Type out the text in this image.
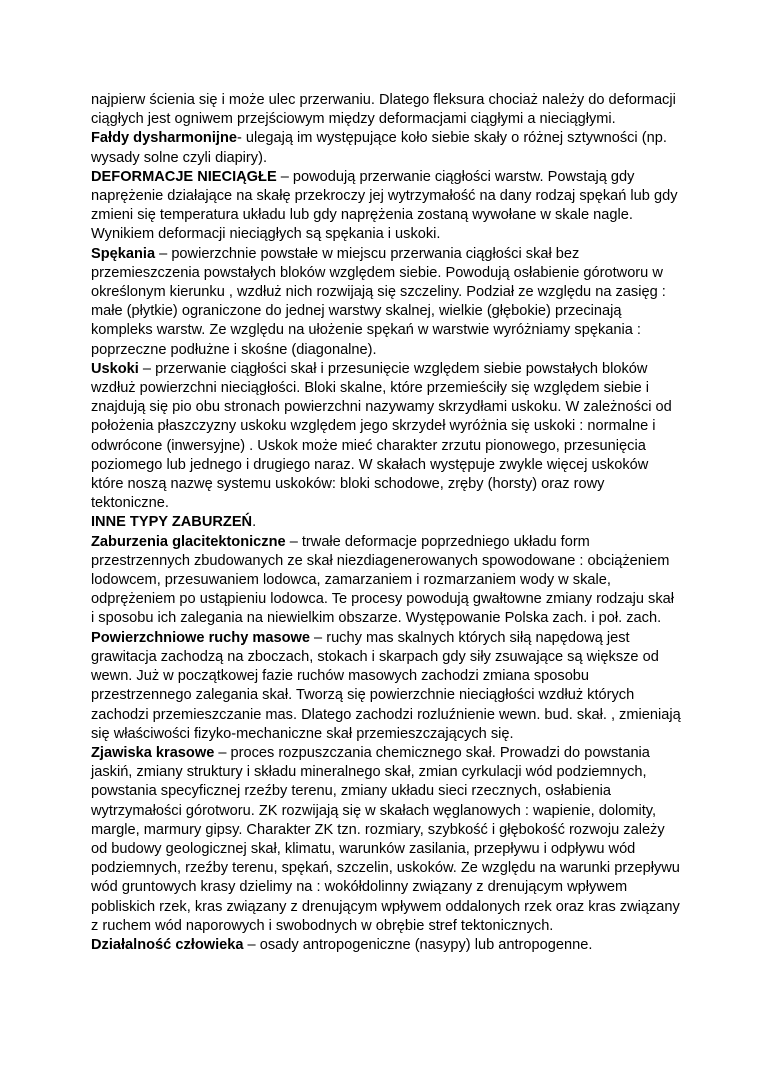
najpierw ścienia się i może ulec przerwaniu. Dlatego fleksura chociaż należy do deformacji ciągłych jest ogniwem przejściowym między deformacjami ciągłymi a nieciągłymi.

Fałdy dysharmonijne- ulegają im występujące koło siebie skały o różnej sztywności (np. wysady solne czyli diapiry).

DEFORMACJE NIECIĄGŁE – powodują przerwanie ciągłości warstw. Powstają gdy naprężenie działające na skałę przekroczy jej wytrzymałość na dany rodzaj spękań lub gdy zmieni się temperatura układu lub gdy naprężenia zostaną wywołane w skale nagle. Wynikiem deformacji nieciągłych są spękania i uskoki.

Spękania – powierzchnie powstałe w miejscu przerwania ciągłości skał bez przemieszczenia powstałych bloków względem siebie. Powodują osłabienie górotworu w określonym kierunku , wzdłuż nich rozwijają się szczeliny. Podział ze względu na zasięg : małe (płytkie) ograniczone do jednej warstwy skalnej, wielkie (głębokie) przecinają kompleks warstw. Ze względu na ułożenie spękań w warstwie wyróżniamy spękania : poprzeczne podłużne i skośne (diagonalne).

Uskoki – przerwanie ciągłości skał i przesunięcie względem siebie powstałych bloków wzdłuż powierzchni nieciągłości. Bloki skalne, które przemieściły się względem siebie i znajdują się pio obu stronach powierzchni nazywamy skrzydłami uskoku. W zależności od położenia płaszczyzny uskoku względem jego skrzydeł wyróżnia się uskoki : normalne i odwrócone (inwersyjne) . Uskok może mieć charakter zrzutu pionowego, przesunięcia poziomego lub jednego i drugiego naraz. W skałach występuje zwykle więcej uskoków które noszą nazwę systemu uskoków: bloki schodowe, zręby (horsty) oraz rowy tektoniczne.

INNE TYPY ZABURZEŃ.

Zaburzenia glacitektoniczne – trwałe deformacje poprzedniego układu form przestrzennych zbudowanych ze skał niezdiagenerowanych spowodowane : obciążeniem lodowcem, przesuwaniem lodowca, zamarzaniem i rozmarzaniem wody w skale, odprężeniem po ustąpieniu lodowca. Te procesy powodują gwałtowne zmiany rodzaju skał i sposobu ich zalegania na niewielkim obszarze. Występowanie Polska zach. i poł. zach.

Powierzchniowe ruchy masowe – ruchy mas skalnych których siłą napędową jest grawitacja zachodzą na zboczach, stokach i skarpach gdy siły zsuwające są większe od wewn. Już w początkowej fazie ruchów masowych zachodzi zmiana sposobu przestrzennego zalegania skał. Tworzą się powierzchnie nieciągłości wzdłuż których zachodzi przemieszczanie mas. Dlatego zachodzi rozluźnienie wewn. bud. skał. , zmieniają się właściwości fizyko-mechaniczne skał przemieszczających się.

Zjawiska krasowe – proces rozpuszczania chemicznego skał. Prowadzi do powstania jaskiń, zmiany struktury i składu mineralnego skał, zmian cyrkulacji wód podziemnych, powstania specyficznej rzeźby terenu, zmiany układu sieci rzecznych, osłabienia wytrzymałości górotworu. ZK rozwijają się w skałach węglanowych : wapienie, dolomity, margle, marmury gipsy. Charakter ZK tzn. rozmiary, szybkość i głębokość rozwoju zależy od budowy geologicznej skał, klimatu, warunków zasilania, przepływu i odpływu wód podziemnych, rzeźby terenu, spękań, szczelin, uskoków. Ze względu na warunki przepływu wód gruntowych krasy dzielimy na : wokółdolinny związany z drenującym wpływem pobliskich rzek, kras związany z drenującym wpływem oddalonych rzek oraz kras związany z ruchem wód naporowych i swobodnych w obrębie stref tektonicznych.

Działalność człowieka – osady antropogeniczne (nasypy) lub antropogenne.
